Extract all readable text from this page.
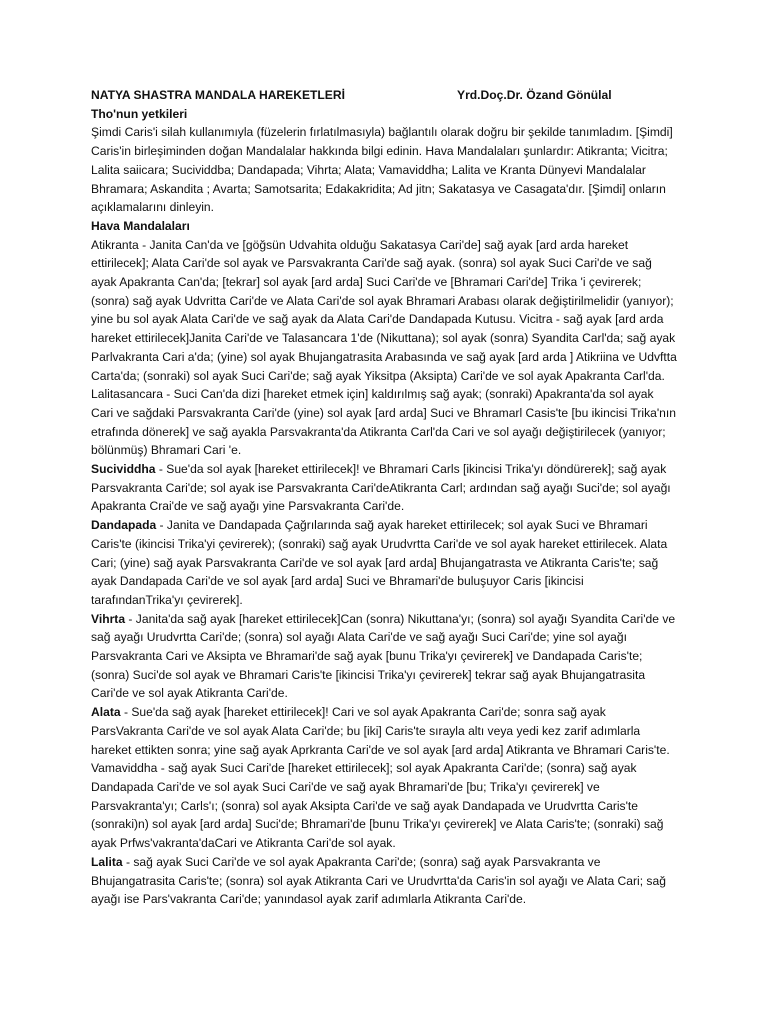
NATYA SHASTRA MANDALA HAREKETLERİ	Yrd.Doç.Dr. Özand Gönülal

Tho'nun yetkileri

Şimdi Caris'i silah kullanımıyla (füzelerin fırlatılmasıyla) bağlantılı olarak doğru bir şekilde tanımladım. [Şimdi] Caris'in birleşiminden doğan Mandalalar hakkında bilgi edinin. Hava Mandalaları şunlardır: Atikranta; Vicitra; Lalita saiicara; Sucividdba; Dandapada; Vihrta; Alata; Vamaviddha; Lalita ve Kranta Dünyevi Mandalalar Bhramara; Askandita ; Avarta; Samotsarita; Edakakridita; Ad jitn; Sakatasya ve Casagata'dır. [Şimdi] onların açıklamalarını dinleyin.

Hava Mandalaları

Atikranta - Janita Can'da ve [göğsün Udvahita olduğu Sakatasya Cari'de] sağ ayak [ard arda hareket ettirilecek]; Alata Cari'de sol ayak ve Parsvakranta Cari'de sağ ayak. (sonra) sol ayak Suci Cari'de ve sağ ayak Apakranta Can'da; [tekrar] sol ayak [ard arda] Suci Cari'de ve [Bhramari Cari'de] Trika 'i çevirerek; (sonra) sağ ayak Udvritta Cari'de ve Alata Cari'de sol ayak Bhramari Arabası olarak değiştirilmelidir (yanıyor); yine bu sol ayak Alata Cari'de ve sağ ayak da Alata Cari'de Dandapada Kutusu. Vicitra - sağ ayak [ard arda hareket ettirilecek]Janita Cari'de ve Talasancara 1'de (Nikuttana); sol ayak (sonra) Syandita Carl'da; sağ ayak Parlvakranta Cari a'da; (yine) sol ayak Bhujangatrasita Arabasında ve sağ ayak [ard arda ] Atikriina ve Udvftta Carta'da; (sonraki) sol ayak Suci Cari'de; sağ ayak Yiksitpa (Aksipta) Cari'de ve sol ayak Apakranta Carl'da. Lalitasancara - Suci Can'da dizi [hareket etmek için] kaldırılmış sağ ayak; (sonraki) Apakranta'da sol ayak Cari ve sağdaki Parsvakranta Cari'de (yine) sol ayak [ard arda] Suci ve Bhramarl Casis'te [bu ikincisi Trika'nın etrafında dönerek] ve sağ ayakla Parsvakranta'da Atikranta Carl'da Cari ve sol ayağı değiştirilecek (yanıyor; bölünmüş) Bhramari Cari 'e.

Sucividdha - Sue'da sol ayak [hareket ettirilecek]! ve Bhramari Carls [ikincisi Trika'yı döndürerek]; sağ ayak Parsvakranta Cari'de; sol ayak ise Parsvakranta Cari'deAtikranta Carl; ardından sağ ayağı Suci'de; sol ayağı Apakranta Crai'de ve sağ ayağı yine Parsvakranta Cari'de.

Dandapada - Janita ve Dandapada Çağrılarında sağ ayak hareket ettirilecek; sol ayak Suci ve Bhramari Caris'te (ikincisi Trika'yi çevirerek); (sonraki) sağ ayak Urudvrtta Cari'de ve sol ayak hareket ettirilecek. Alata Cari; (yine) sağ ayak Parsvakranta Cari'de ve sol ayak [ard arda] Bhujangatrasta ve Atikranta Caris'te; sağ ayak Dandapada Cari'de ve sol ayak [ard arda] Suci ve Bhramari'de buluşuyor Caris [ikincisi tarafındanTrika'yı çevirerek].

Vihrta - Janita'da sağ ayak [hareket ettirilecek]Can (sonra) Nikuttana'yı; (sonra) sol ayağı Syandita Cari'de ve sağ ayağı Urudvrtta Cari'de; (sonra) sol ayağı Alata Cari'de ve sağ ayağı Suci Cari'de; yine sol ayağı Parsvakranta Cari ve Aksipta ve Bhramari'de sağ ayak [bunu Trika'yı çevirerek] ve Dandapada Caris'te; (sonra) Suci'de sol ayak ve Bhramari Caris'te [ikincisi Trika'yı çevirerek] tekrar sağ ayak Bhujangatrasita Cari'de ve sol ayak Atikranta Cari'de.

Alata - Sue'da sağ ayak [hareket ettirilecek]! Cari ve sol ayak Apakranta Cari'de; sonra sağ ayak ParsVakranta Cari'de ve sol ayak Alata Cari'de; bu [iki] Caris'te sırayla altı veya yedi kez zarif adımlarla hareket ettikten sonra; yine sağ ayak Aprkranta Cari'de ve sol ayak [ard arda] Atikranta ve Bhramari Caris'te. Vamaviddha - sağ ayak Suci Cari'de [hareket ettirilecek]; sol ayak Apakranta Cari'de; (sonra) sağ ayak Dandapada Cari'de ve sol ayak Suci Cari'de ve sağ ayak Bhramari'de [bu; Trika'yı çevirerek] ve Parsvakranta'yı; Carls'ı; (sonra) sol ayak Aksipta Cari'de ve sağ ayak Dandapada ve Urudvrtta Caris'te (sonraki)n) sol ayak [ard arda] Suci'de; Bhramari'de [bunu Trika'yı çevirerek] ve Alata Caris'te; (sonraki) sağ ayak Prfws'vakranta'daCari ve Atikranta Cari'de sol ayak.

Lalita - sağ ayak Suci Cari'de ve sol ayak Apakranta Cari'de; (sonra) sağ ayak Parsvakranta ve Bhujangatrasita Caris'te; (sonra) sol ayak Atikranta Cari ve Urudvrtta'da Caris'in sol ayağı ve Alata Cari; sağ ayağı ise Pars'vakranta Cari'de; yanındasol ayak zarif adımlarla Atikranta Cari'de.
